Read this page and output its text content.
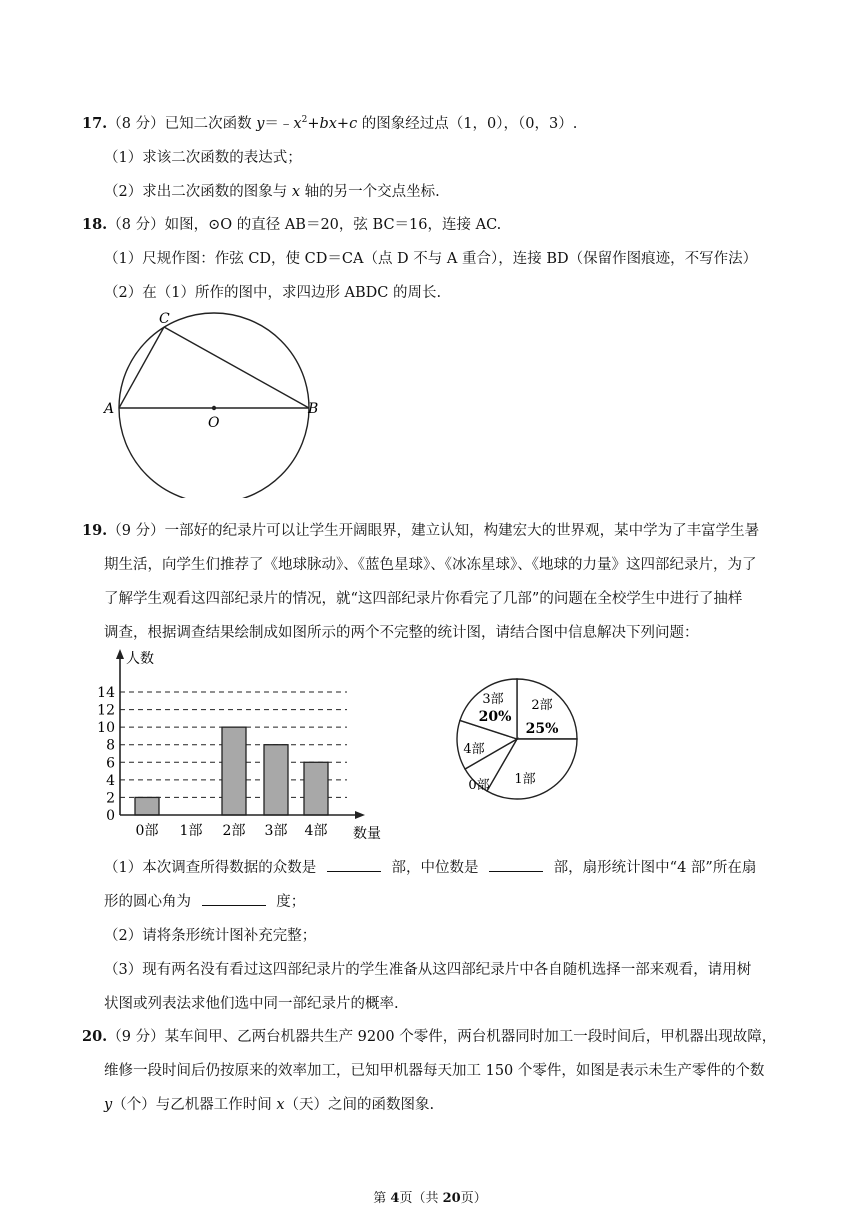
17.（8 分）已知二次函数 $y=﹣x^2+bx+c$ 的图象经过点（1，0），（0，3）.
（1）求该二次函数的表达式；
（2）求出二次函数的图象与 x 轴的另一个交点坐标.
18.（8 分）如图，⊙O 的直径 AB＝20，弦 BC＝16，连接 AC.
（1）尺规作图：作弦 CD，使 CD＝CA（点 D 不与 A 重合），连接 BD（保留作图痕迹，不写作法）
（2）在（1）所作的图中，求四边形 ABDC 的周长.
A	B
C
O
19.（9 分）一部好的纪录片可以让学生开阔眼界，建立认知，构建宏大的世界观，某中学为了丰富学生暑
期生活，向学生们推荐了《地球脉动》、《蓝色星球》、《冰冻星球》、《地球的力量》这四部纪录片，为了
了解学生观看这四部纪录片的情况，就“这四部纪录片你看完了几部”的问题在全校学生中进行了抽样
调查，根据调查结果绘制成如图所示的两个不完整的统计图，请结合图中信息解决下列问题：
0
2
4
6
8
10
12
14
0部 1部 2部 3部 4部
人数
数量
2部
25%
1部
0部
4部
3部
20%
（1）本次调查所得数据的众数是	部，中位数是	部，扇形统计图中“4 部”所在扇
形的圆心角为	度；
（2）请将条形统计图补充完整；
（3）现有两名没有看过这四部纪录片的学生准备从这四部纪录片中各自随机选择一部来观看，请用树
状图或列表法求他们选中同一部纪录片的概率.
20.（9 分）某车间甲、乙两台机器共生产 9200 个零件，两台机器同时加工一段时间后，甲机器出现故障，
维修一段时间后仍按原来的效率加工，已知甲机器每天加工 150 个零件，如图是表示未生产零件的个数
y（个）与乙机器工作时间 x（天）之间的函数图象.
第 4页（共 20页）
